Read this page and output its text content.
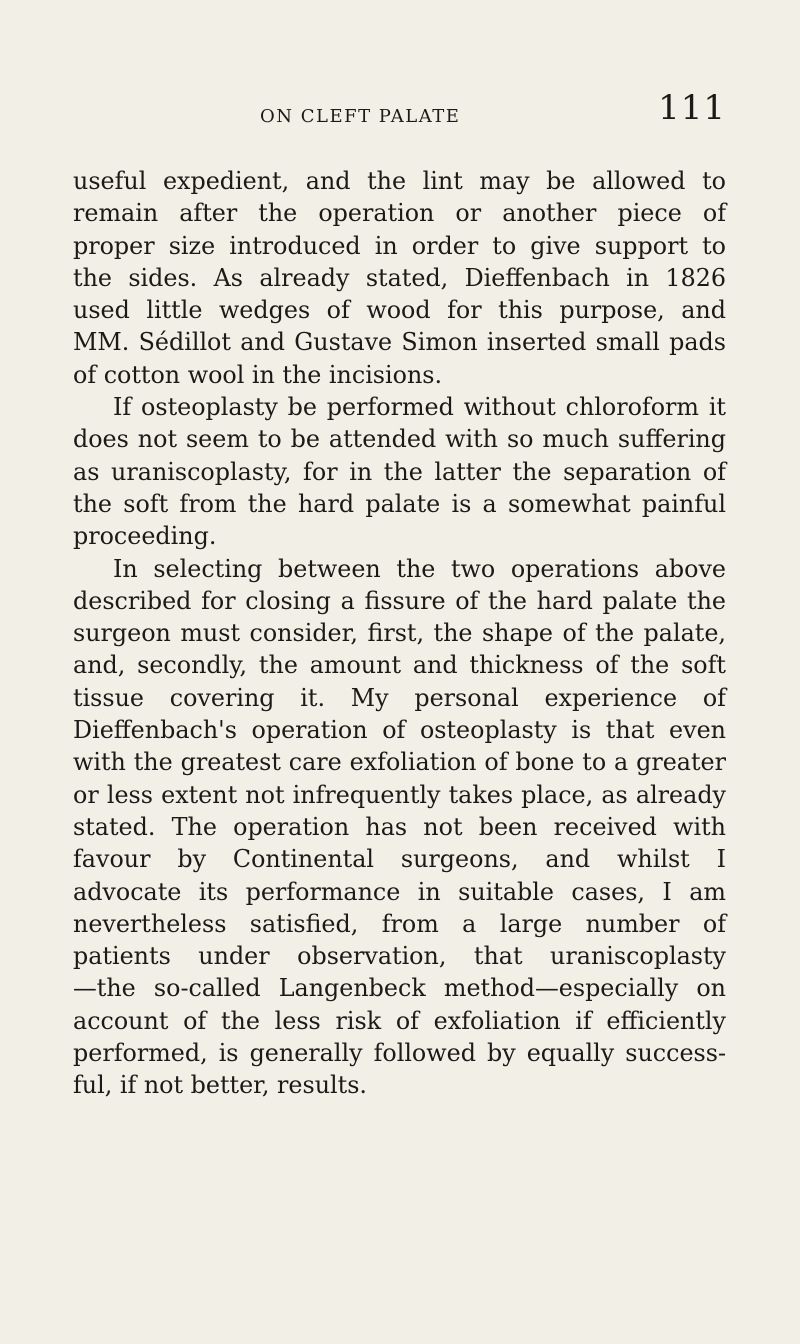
ON CLEFT PALATE	111

useful expedient, and the lint may be allowed to
remain after the operation or another piece of
proper size introduced in order to give support to
the sides. As already stated, Dieffenbach in 1826
used little wedges of wood for this purpose, and
MM. Sédillot and Gustave Simon inserted small pads
of cotton wool in the incisions.

If osteoplasty be performed without chloroform it
does not seem to be attended with so much suffering
as uraniscoplasty, for in the latter the separation of
the soft from the hard palate is a somewhat painful
proceeding.

In selecting between the two operations above
described for closing a fissure of the hard palate the
surgeon must consider, first, the shape of the palate,
and, secondly, the amount and thickness of the soft
tissue covering it. My personal experience of
Dieffenbach's operation of osteoplasty is that even
with the greatest care exfoliation of bone to a greater
or less extent not infrequently takes place, as already
stated. The operation has not been received with
favour by Continental surgeons, and whilst I
advocate its performance in suitable cases, I am
nevertheless satisfied, from a large number of
patients under observation, that uraniscoplasty
—the so-called Langenbeck method—especially on
account of the less risk of exfoliation if efficiently
performed, is generally followed by equally success-
ful, if not better, results.
